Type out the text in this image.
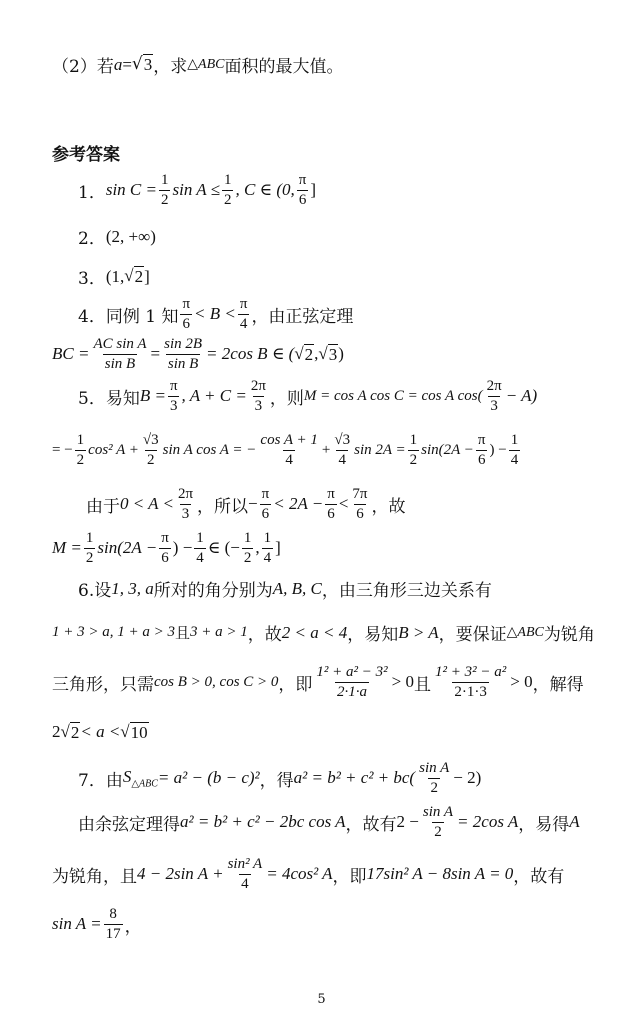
（2）若 a = √ 3 ，求 △ABC 面积的最大值。
参考答案
1． $\sin C = \frac{1}{2}$ $\sin A \le \frac{1}{2}$ , C ∈ (0, $\frac{\pi}{6}$ ]
2． (2, +∞)
3． (1, √ 2 ]
4． 同例 1 知 $\frac{\pi}{6} < B < \frac{\pi}{4}$ ，由正弦定理
BC = $\frac{\text{AC sin A}}{\text{sin B}} = \frac{\sin 2B}{\text{sin B}} = 2\cos$ B ∈ ( √ 2 , √ 3 )
5． 易知 $B = \frac{\pi}{3}$ , $A + C = \frac{2\pi}{3}$ ，则 M = cos A cos C = cos A $\cos( \frac{2\pi}{3} - A)$
= − $\frac{1}{2} \cos^2$ $A + \frac{√3}{2}$ sin A cos A = − $\frac{\text{cos A + 1}}{4} + \frac{√3}{4}$ $\sin 2A = \frac{1}{2} \sin(2A - \frac{\pi}{6}$ ) − $\frac{1}{4}$
由于 $0 < A < \frac{2\pi}{3}$ ，所以 − $\frac{\pi}{6} < 2A - \frac{\pi}{6} < \frac{7\pi}{6}$ ，故
$M = \frac{1}{2} \sin(2A - \frac{\pi}{6}$ ) − $\frac{1}{4}$ ∈ (− $\frac{1}{2}$ , $\frac{1}{4}$ ]
6.设 1, 3, a 所对的角分别为 A, B, C ，由三角形三边关系有
1 + 3 > a, 1 + a > 3 且 3 + a > 1 ，故 2 < a < 4 ，易知 B > A ，要保证 △ABC 为锐角
三角形，只需 cos B > 0, cos C > 0 ，即 $\frac{\text{1² + a² − 3²}}{2\cdot 1\cdot a} > 0$ 且 $\frac{\text{1² + 3² − a²}}{2\cdot 1\cdot 3} > 0$ ，解得
2 √ 2 < a < √ 10
7．由 $S_{\triangle ABC} = a^2 - (b - c)^2$ ，得 $a^2 = b^2 + c^2 + bc( \frac{\text{sin A}}{2} - 2)$
由余弦定理得 a² = b² + c² − 2bc cos A ，故有 $2 - \frac{\text{sin A}}{2} = 2\cos$ A ，易得 A
为锐角，且 4 − 2sin $A + \frac{\text{sin² A}}{4} = 4\cos^2$ A ，即 17sin² A − 8sin A = 0 ，故有
$\sin A = \frac{8}{17}$ ，
5
